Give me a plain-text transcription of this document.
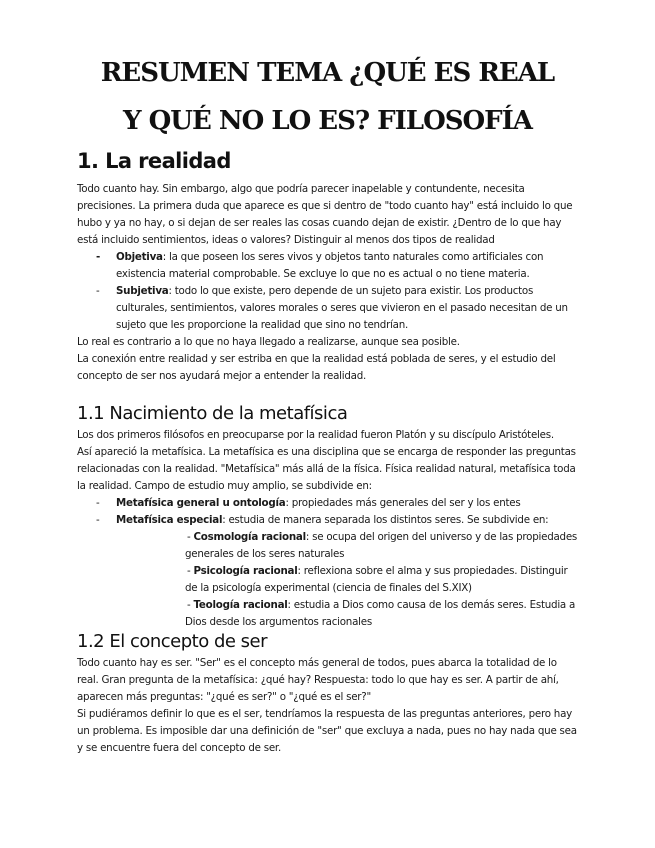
RESUMEN TEMA ¿QUÉ ES REAL
Y QUÉ NO LO ES? FILOSOFÍA
1. La realidad
Todo cuanto hay. Sin embargo, algo que podría parecer inapelable y contundente, necesita
precisiones. La primera duda que aparece es que si dentro de "todo cuanto hay" está incluido lo que
hubo y ya no hay, o si dejan de ser reales las cosas cuando dejan de existir. ¿Dentro de lo que hay
está incluido sentimientos, ideas o valores? Distinguir al menos dos tipos de realidad
- Objetiva: la que poseen los seres vivos y objetos tanto naturales como artificiales con
existencia material comprobable. Se excluye lo que no es actual o no tiene materia.
- Subjetiva: todo lo que existe, pero depende de un sujeto para existir. Los productos
culturales, sentimientos, valores morales o seres que vivieron en el pasado necesitan de un
sujeto que les proporcione la realidad que sino no tendrían.
Lo real es contrario a lo que no haya llegado a realizarse, aunque sea posible.
La conexión entre realidad y ser estriba en que la realidad está poblada de seres, y el estudio del
concepto de ser nos ayudará mejor a entender la realidad.
1.1 Nacimiento de la metafísica
Los dos primeros filósofos en preocuparse por la realidad fueron Platón y su discípulo Aristóteles.
Así apareció la metafísica. La metafísica es una disciplina que se encarga de responder las preguntas
relacionadas con la realidad. "Metafísica" más allá de la física. Física realidad natural, metafísica toda
la realidad. Campo de estudio muy amplio, se subdivide en:
- Metafísica general u ontología: propiedades más generales del ser y los entes
- Metafísica especial: estudia de manera separada los distintos seres. Se subdivide en:
- Cosmología racional: se ocupa del origen del universo y de las propiedades
generales de los seres naturales
- Psicología racional: reflexiona sobre el alma y sus propiedades. Distinguir
de la psicología experimental (ciencia de finales del S.XIX)
- Teología racional: estudia a Dios como causa de los demás seres. Estudia a
Dios desde los argumentos racionales
1.2 El concepto de ser
Todo cuanto hay es ser. "Ser" es el concepto más general de todos, pues abarca la totalidad de lo
real. Gran pregunta de la metafísica: ¿qué hay? Respuesta: todo lo que hay es ser. A partir de ahí,
aparecen más preguntas: "¿qué es ser?" o "¿qué es el ser?"
Si pudiéramos definir lo que es el ser, tendríamos la respuesta de las preguntas anteriores, pero hay
un problema. Es imposible dar una definición de "ser" que excluya a nada, pues no hay nada que sea
y se encuentre fuera del concepto de ser.
